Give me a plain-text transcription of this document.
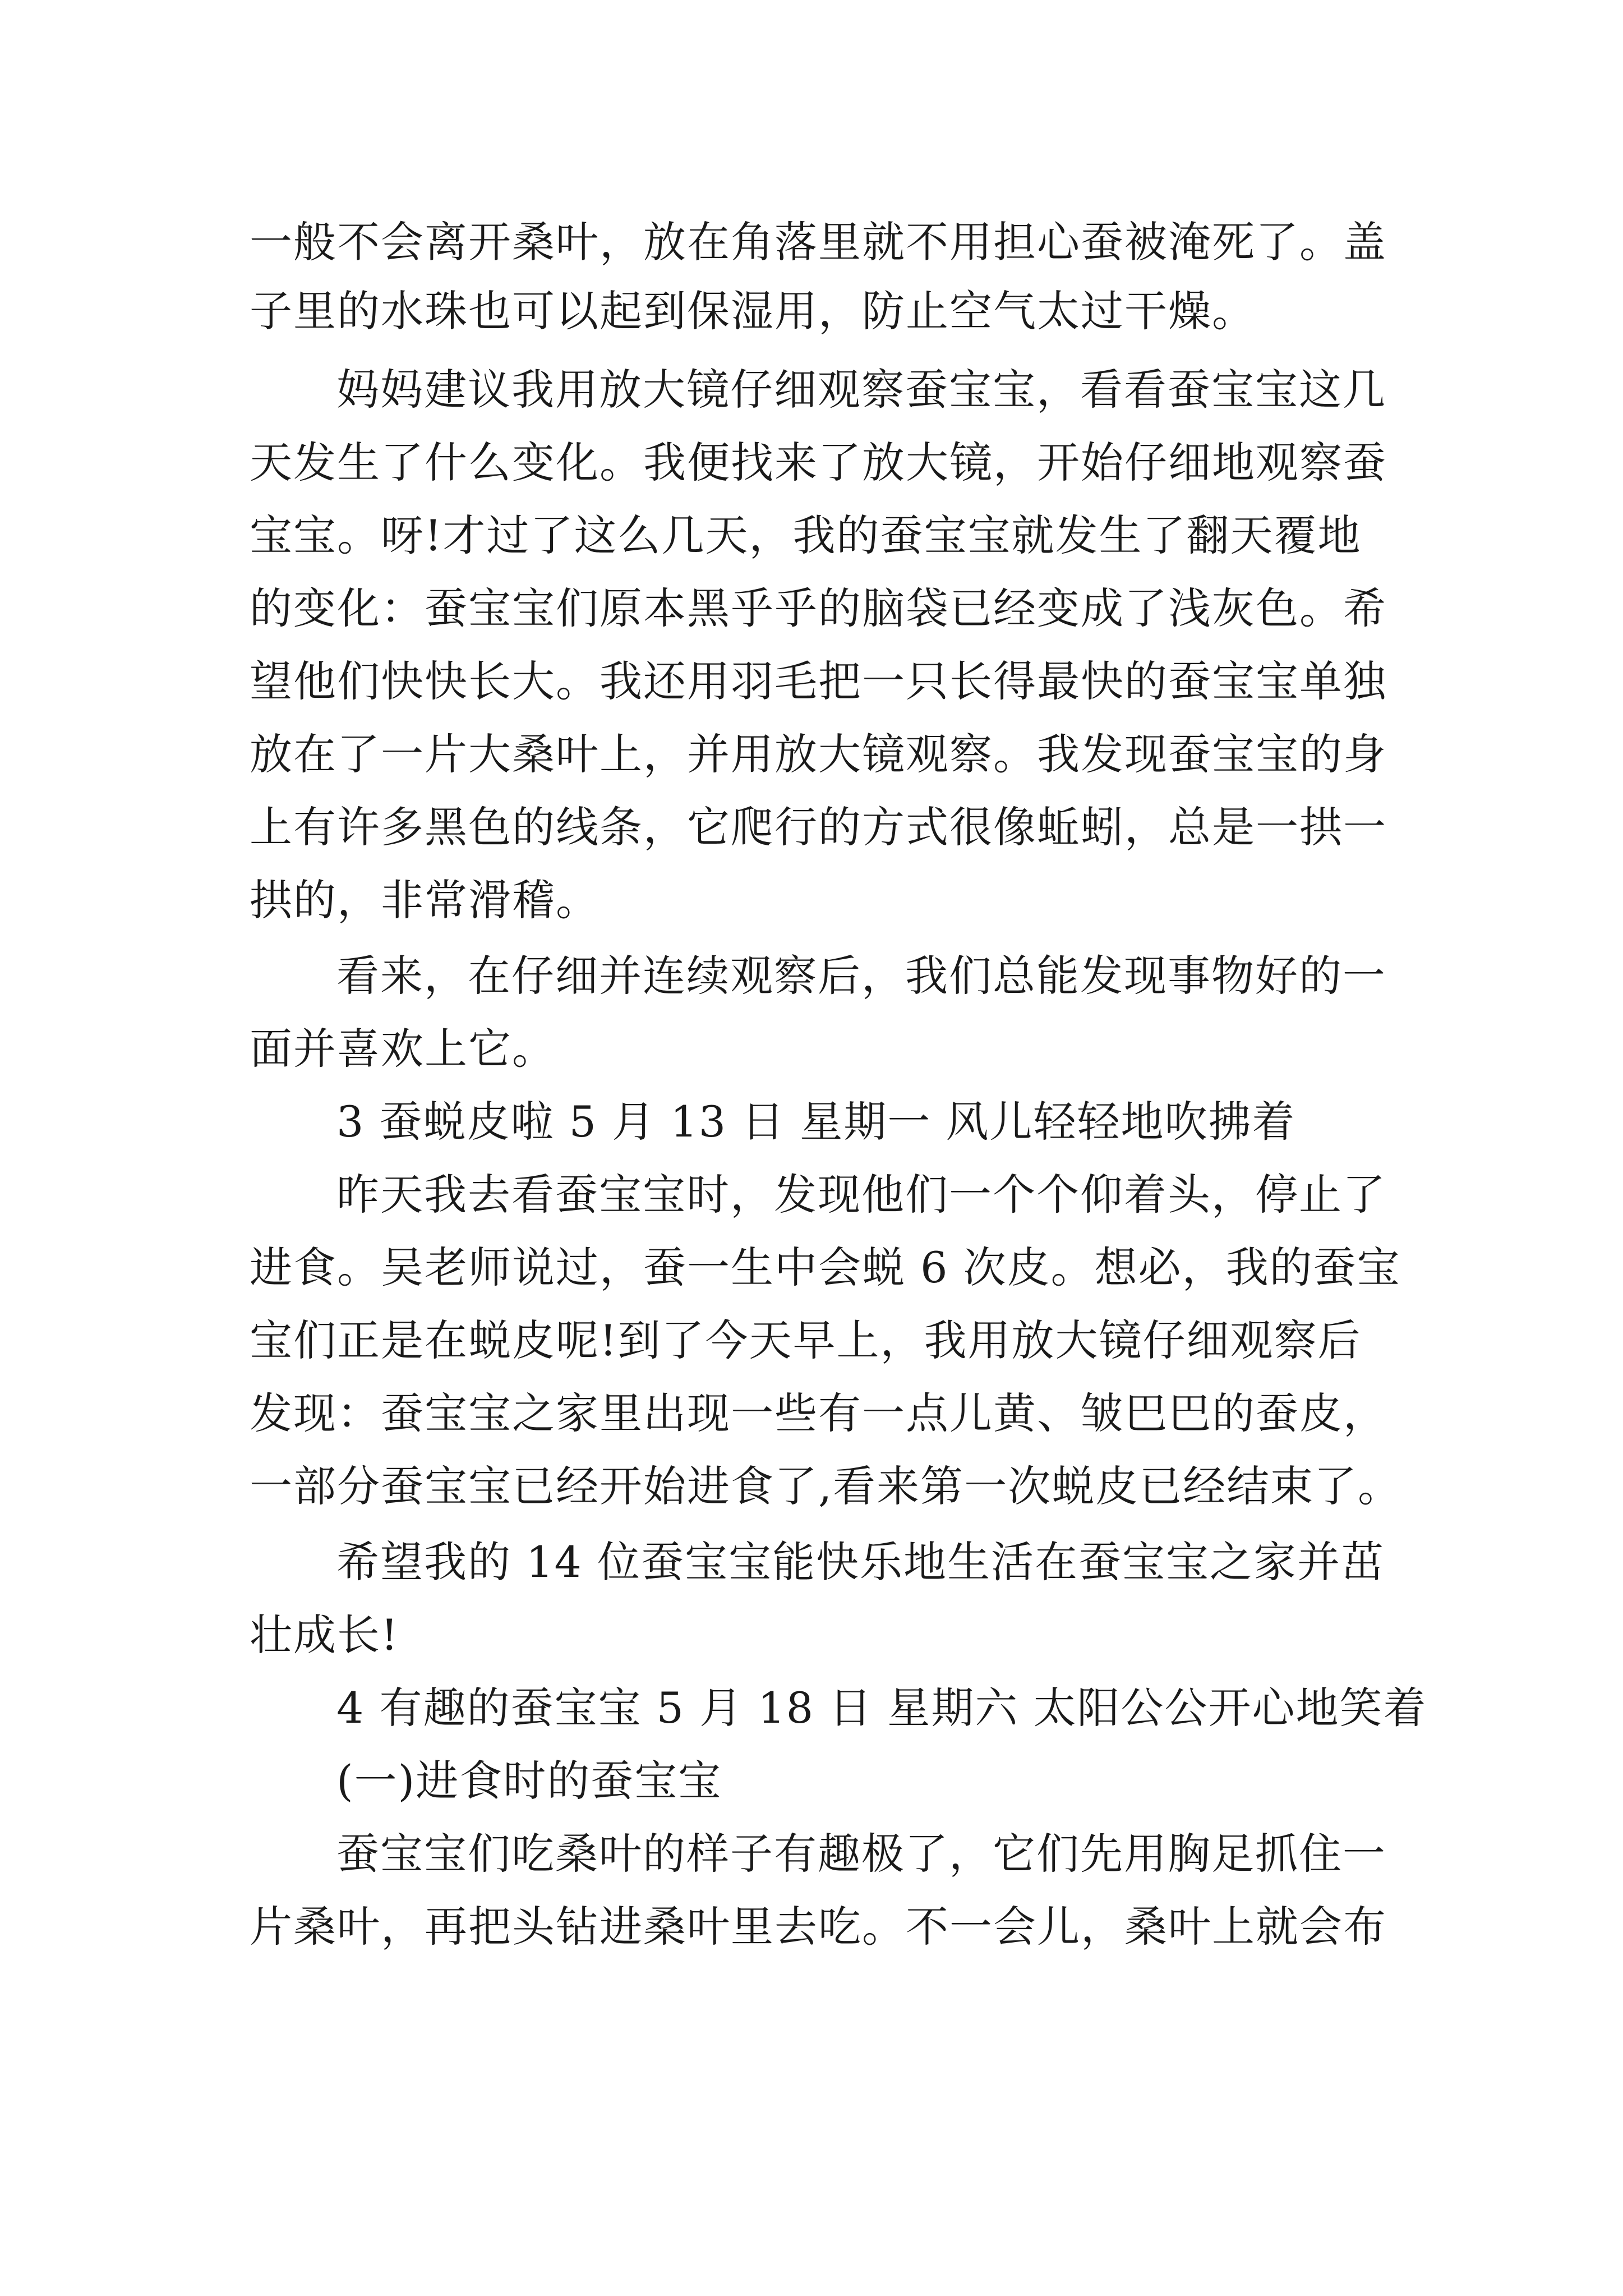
一般不会离开桑叶，放在角落里就不用担心蚕被淹死了。盖
子里的水珠也可以起到保湿用，防止空气太过干燥。
妈妈建议我用放大镜仔细观察蚕宝宝，看看蚕宝宝这几
天发生了什么变化。我便找来了放大镜，开始仔细地观察蚕
宝宝。呀!才过了这么几天，我的蚕宝宝就发生了翻天覆地
的变化：蚕宝宝们原本黑乎乎的脑袋已经变成了浅灰色。希
望他们快快长大。我还用羽毛把一只长得最快的蚕宝宝单独
放在了一片大桑叶上，并用放大镜观察。我发现蚕宝宝的身
上有许多黑色的线条，它爬行的方式很像蚯蚓，总是一拱一
拱的，非常滑稽。
看来，在仔细并连续观察后，我们总能发现事物好的一
面并喜欢上它。
3 蚕蜕皮啦 5 月 13 日 星期一 风儿轻轻地吹拂着
昨天我去看蚕宝宝时，发现他们一个个仰着头，停止了
进食。吴老师说过，蚕一生中会蜕 6 次皮。想必，我的蚕宝
宝们正是在蜕皮呢!到了今天早上，我用放大镜仔细观察后
发现：蚕宝宝之家里出现一些有一点儿黄、皱巴巴的蚕皮，
一部分蚕宝宝已经开始进食了,看来第一次蜕皮已经结束了。
希望我的 14 位蚕宝宝能快乐地生活在蚕宝宝之家并茁
壮成长!
4 有趣的蚕宝宝 5 月 18 日 星期六 太阳公公开心地笑着
(一)进食时的蚕宝宝
蚕宝宝们吃桑叶的样子有趣极了，它们先用胸足抓住一
片桑叶，再把头钻进桑叶里去吃。不一会儿，桑叶上就会布
